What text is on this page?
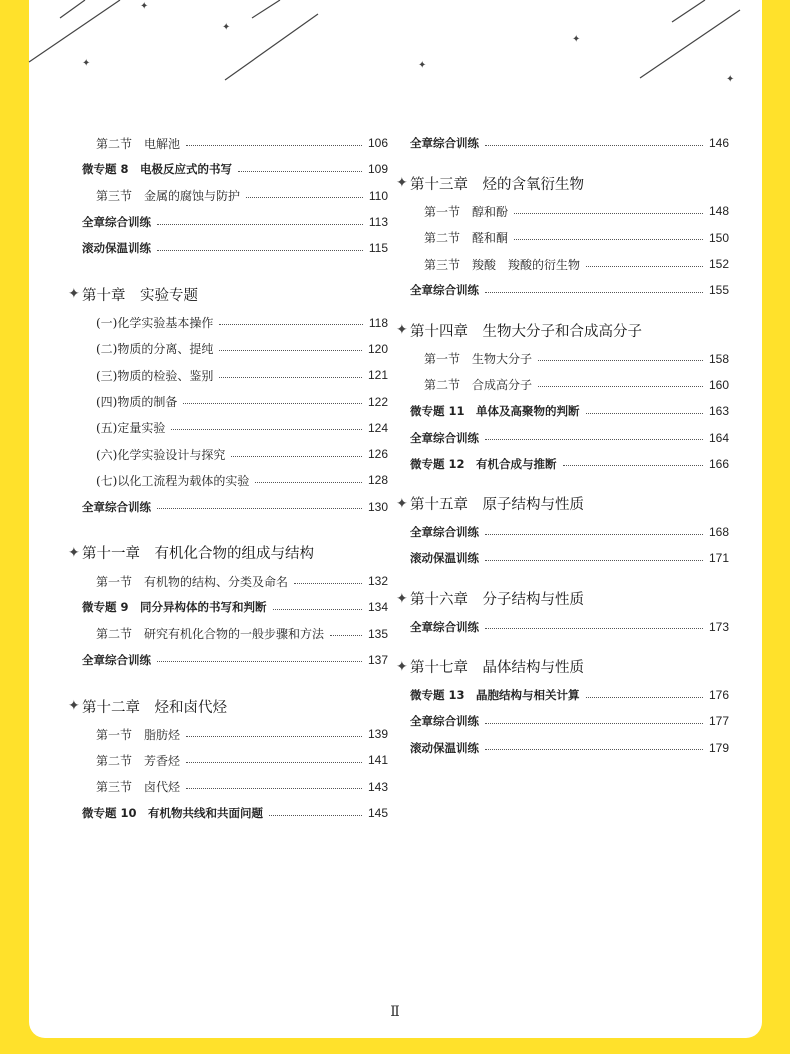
✦
✦	✦
✦
✦
✦
第二节　电解池	106
微专题 8　电极反应式的书写	109
第三节　金属的腐蚀与防护	110
全章综合训练	113
滚动保温训练	115
✦ 第十章　实验专题
(一)化学实验基本操作	118
(二)物质的分离、提纯	120
(三)物质的检验、鉴别	121
(四)物质的制备	122
(五)定量实验	124
(六)化学实验设计与探究	126
(七)以化工流程为载体的实验	128
全章综合训练	130
✦ 第十一章　有机化合物的组成与结构
第一节　有机物的结构、分类及命名	132
微专题 9　同分异构体的书写和判断	134
第二节　研究有机化合物的一般步骤和方法	135
全章综合训练	137
✦ 第十二章　烃和卤代烃
第一节　脂肪烃	139
第二节　芳香烃	141
第三节　卤代烃	143
微专题 10　有机物共线和共面问题	145
全章综合训练	146
✦ 第十三章　烃的含氧衍生物
第一节　醇和酚	148
第二节　醛和酮	150
第三节　羧酸　羧酸的衍生物	152
全章综合训练	155
✦ 第十四章　生物大分子和合成高分子
第一节　生物大分子	158
第二节　合成高分子	160
微专题 11　单体及高聚物的判断	163
全章综合训练	164
微专题 12　有机合成与推断	166
✦ 第十五章　原子结构与性质
全章综合训练	168
滚动保温训练	171
✦ 第十六章　分子结构与性质
全章综合训练	173
✦ 第十七章　晶体结构与性质
微专题 13　晶胞结构与相关计算	176
全章综合训练	177
滚动保温训练	179
Ⅱ
